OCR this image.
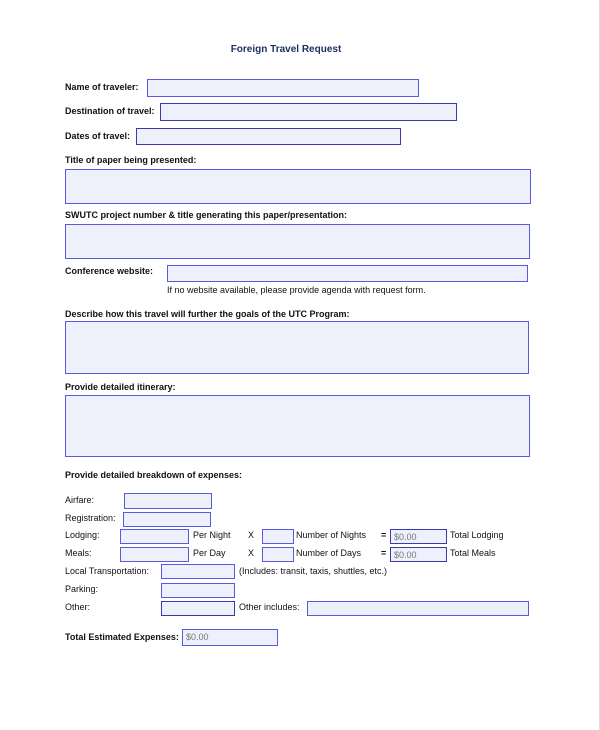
Foreign Travel Request
Name of traveler:
Destination of travel:
Dates of travel:
Title of paper being presented:
SWUTC project number & title generating this paper/presentation:
Conference website:
If no website available, please provide agenda with request form.
Describe how this travel will further the goals of the UTC Program:
Provide detailed itinerary:
Provide detailed breakdown of expenses:
Airfare:
Registration:
Lodging:	Per Night X	Number of Nights = $0.00	Total Lodging
Meals:	Per Day X	Number of Days = $0.00	Total Meals
Local Transportation:	(Includes: transit, taxis, shuttles, etc.)
Parking:
Other:	Other includes:
Total Estimated Expenses: $0.00
